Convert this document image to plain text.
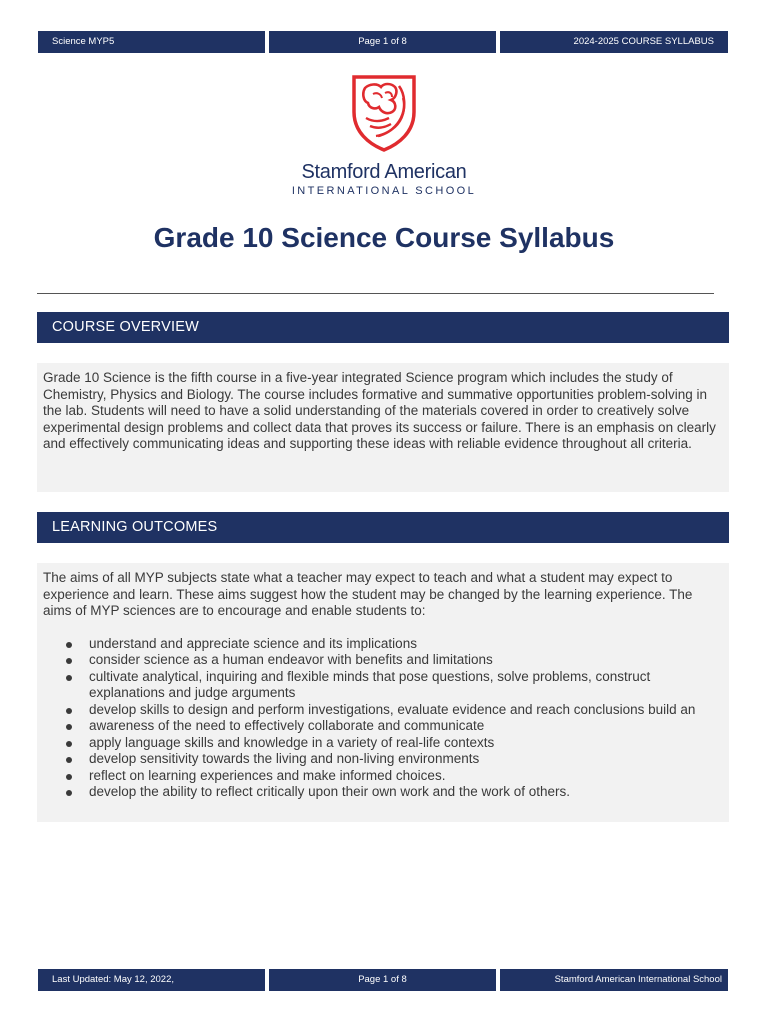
Science MYP5	Page 1 of 8	2024-2025 COURSE SYLLABUS
Stamford American
INTERNATIONAL SCHOOL
Grade 10 Science Course Syllabus
COURSE OVERVIEW

Grade 10 Science is the fifth course in a five-year integrated Science program which includes the study of Chemistry, Physics and Biology. The course includes formative and summative opportunities problem-solving in the lab. Students will need to have a solid understanding of the materials covered in order to creatively solve experimental design problems and collect data that proves its success or failure. There is an emphasis on clearly and effectively communicating ideas and supporting these ideas with reliable evidence throughout all criteria.

LEARNING OUTCOMES

The aims of all MYP subjects state what a teacher may expect to teach and what a student may expect to experience and learn. These aims suggest how the student may be changed by the learning experience. The aims of MYP sciences are to encourage and enable students to:

understand and appreciate science and its implications
consider science as a human endeavor with benefits and limitations
cultivate analytical, inquiring and flexible minds that pose questions, solve problems, construct explanations and judge arguments
develop skills to design and perform investigations, evaluate evidence and reach conclusions build an
awareness of the need to effectively collaborate and communicate
apply language skills and knowledge in a variety of real-life contexts
develop sensitivity towards the living and non-living environments
reflect on learning experiences and make informed choices.
develop the ability to reflect critically upon their own work and the work of others.
Last Updated: May 12, 2022,	Page 1 of 8	Stamford American International School
